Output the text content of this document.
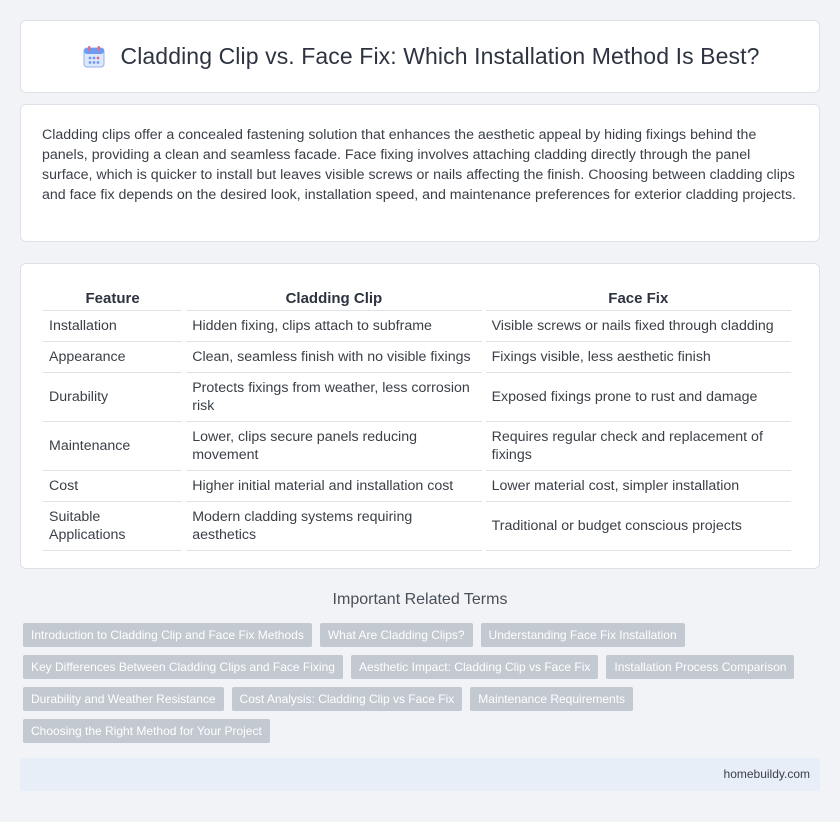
Cladding Clip vs. Face Fix: Which Installation Method Is Best?

Cladding clips offer a concealed fastening solution that enhances the aesthetic appeal by hiding fixings behind the panels, providing a clean and seamless facade. Face fixing involves attaching cladding directly through the panel surface, which is quicker to install but leaves visible screws or nails affecting the finish. Choosing between cladding clips and face fix depends on the desired look, installation speed, and maintenance preferences for exterior cladding projects.

Feature	Cladding Clip	Face Fix
Installation	Hidden fixing, clips attach to subframe	Visible screws or nails fixed through cladding
Appearance	Clean, seamless finish with no visible fixings	Fixings visible, less aesthetic finish
Durability	Protects fixings from weather, less corrosion risk	Exposed fixings prone to rust and damage
Maintenance	Lower, clips secure panels reducing movement	Requires regular check and replacement of fixings
Cost	Higher initial material and installation cost	Lower material cost, simpler installation
Suitable Applications	Modern cladding systems requiring aesthetics	Traditional or budget conscious projects
Important Related Terms
Introduction to Cladding Clip and Face Fix Methods	What Are Cladding Clips?	Understanding Face Fix Installation
Key Differences Between Cladding Clips and Face Fixing	Aesthetic Impact: Cladding Clip vs Face Fix	Installation Process Comparison
Durability and Weather Resistance	Cost Analysis: Cladding Clip vs Face Fix	Maintenance Requirements
Choosing the Right Method for Your Project
homebuildy.com
